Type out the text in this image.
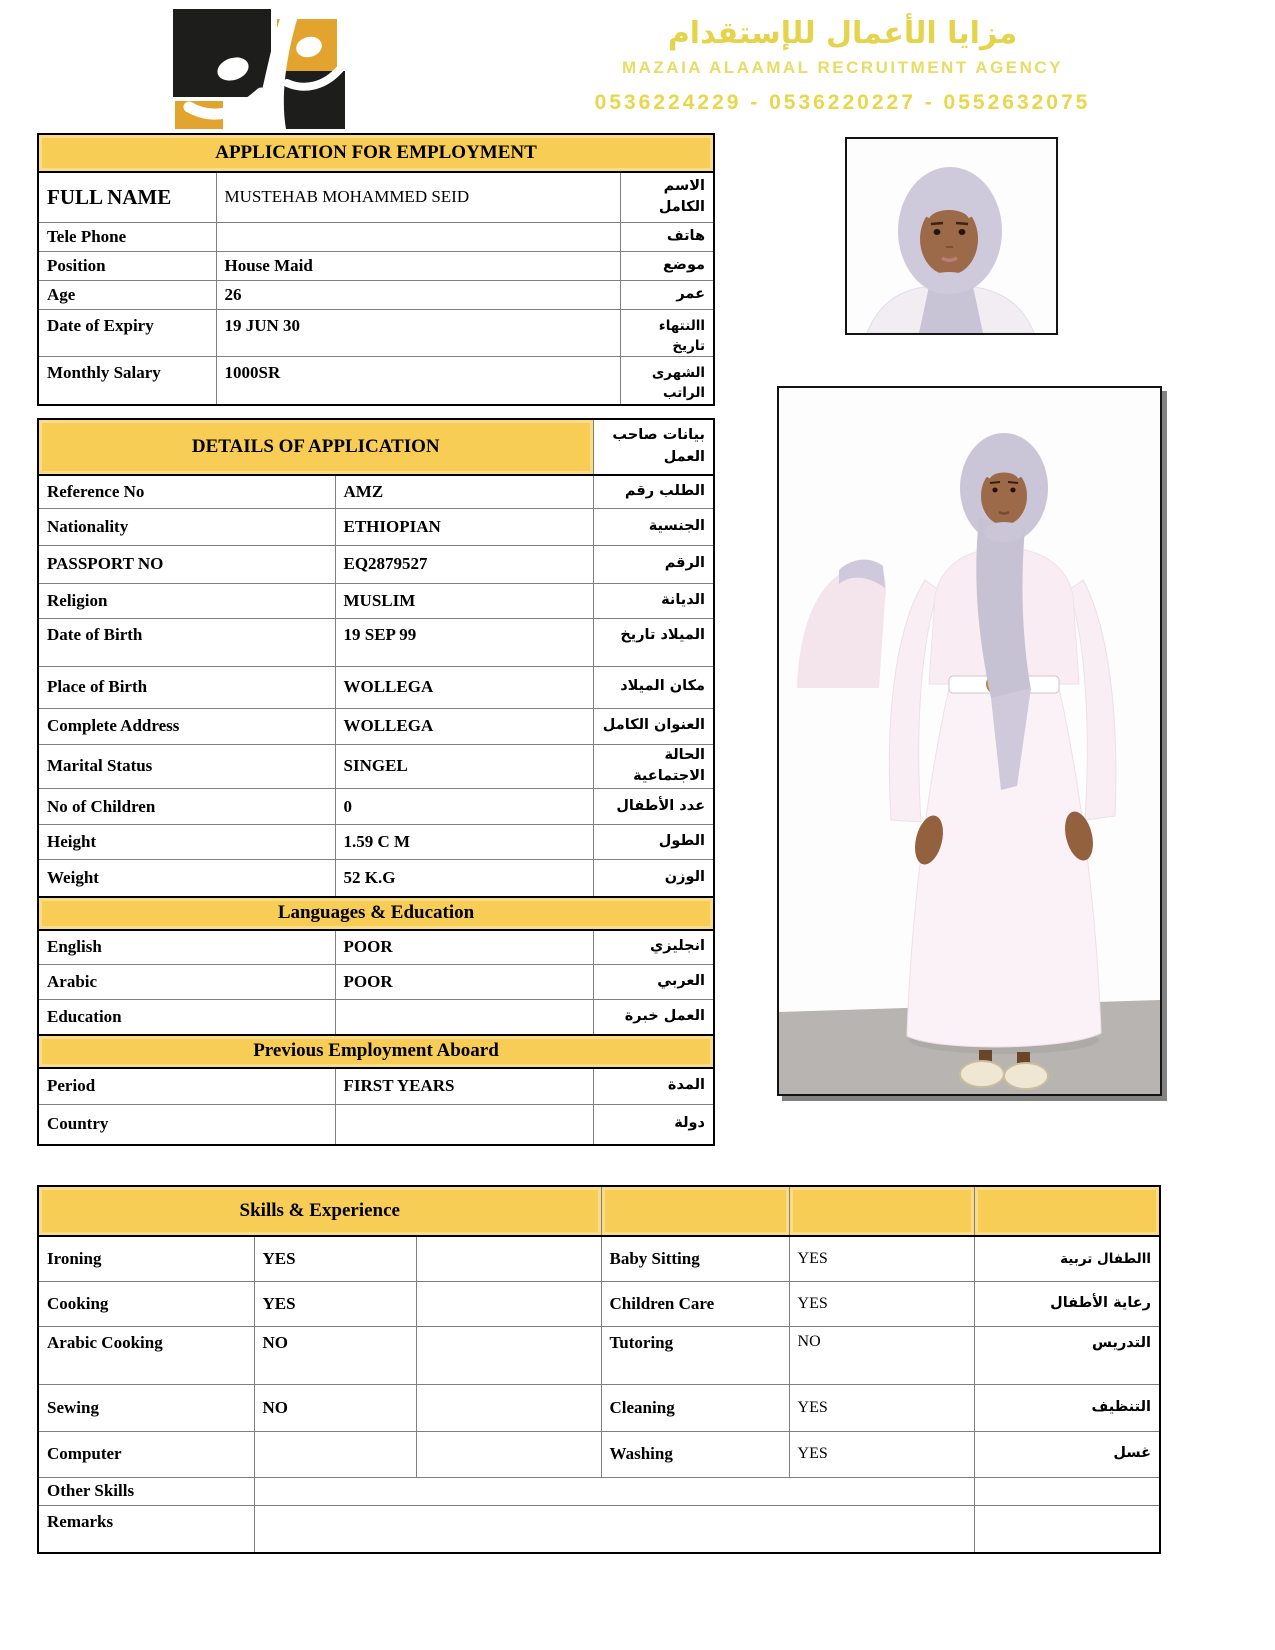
مزايا الأعمال للإستقدام
MAZAIA ALAAMAL RECRUITMENT AGENCY
0536224229 - 0536220227 - 0552632075
APPLICATION FOR EMPLOYMENT		
FULL NAME	MUSTEHAB MOHAMMED SEID	الاسم الكامل
Tele Phone		هاتف
Position	House Maid	موضع
Age	26	عمر
Date of Expiry	19 JUN 30	االنتهاء تاريخ
Monthly Salary	1000SR	الشهرى الراتب
DETAILS OF APPLICATION		بيانات صاحب العمل
Reference No	AMZ	الطلب رقم
Nationality	ETHIOPIAN	الجنسية
PASSPORT NO	EQ2879527	الرقم
Religion	MUSLIM	الديانة
Date of Birth	19 SEP 99	الميلاد تاريخ
Place of Birth	WOLLEGA	مكان الميلاد
Complete Address	WOLLEGA	العنوان الكامل
Marital Status	SINGEL	الحالة الاجتماعية
No of Children	0	عدد الأطفال
Height	1.59 C M	الطول
Weight	52 K.G	الوزن
Languages & Education		
English	POOR	انجليزي
Arabic	POOR	العربي
Education		العمل خبرة
Previous Employment Aboard		
Period	FIRST YEARS	المدة
Country		دولة
Skills & Experience					
Ironing	YES		Baby Sitting	YES	االطفال تربية
Cooking	YES		Children Care	YES	رعاية الأطفال
Arabic Cooking	NO		Tutoring	NO	التدريس
Sewing	NO		Cleaning	YES	التنظيف
Computer			Washing	YES	غسل
Other Skills					
Remarks					
